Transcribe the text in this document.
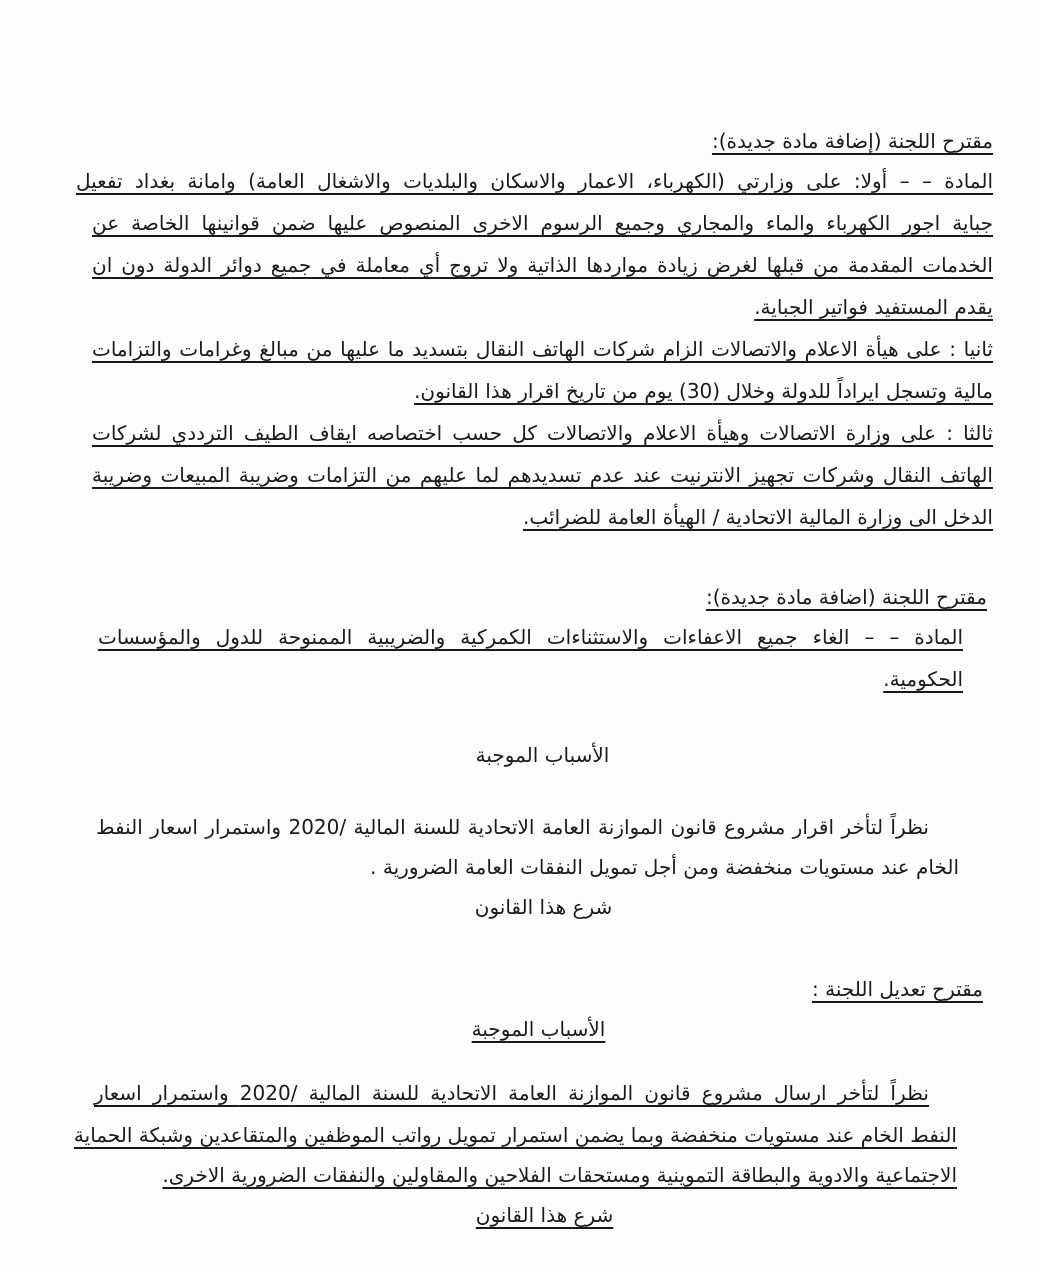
مقترح اللجنة (إضافة مادة جديدة):
المادة – – أولا: على وزارتي (الكهرباء، الاعمار والاسكان والبلديات والاشغال العامة) وامانة بغداد تفعيل
جباية اجور الكهرباء والماء والمجاري وجميع الرسوم الاخرى المنصوص عليها ضمن قوانينها الخاصة عن
الخدمات المقدمة من قبلها لغرض زيادة مواردها الذاتية ولا تروج أي معاملة في جميع دوائر الدولة دون ان
يقدم المستفيد فواتير الجباية.
ثانيا : على هيأة الاعلام والاتصالات الزام شركات الهاتف النقال بتسديد ما عليها من مبالغ وغرامات والتزامات
مالية وتسجل ايراداً للدولة وخلال (30) يوم من تاريخ اقرار هذا القانون.
ثالثا : على وزارة الاتصالات وهيأة الاعلام والاتصالات كل حسب اختصاصه ايقاف الطيف الترددي لشركات
الهاتف النقال وشركات تجهيز الانترنيت عند عدم تسديدهم لما عليهم من التزامات وضريبة المبيعات وضريبة
الدخل الى وزارة المالية الاتحادية / الهيأة العامة للضرائب.
مقترح اللجنة (اضافة مادة جديدة):
المادة – – الغاء جميع الاعفاءات والاستثناءات الكمركية والضريبية الممنوحة للدول والمؤسسات
الحكومية.
الأسباب الموجبة
نظراً لتأخر اقرار مشروع قانون الموازنة العامة الاتحادية للسنة المالية /2020 واستمرار اسعار النفط
الخام عند مستويات منخفضة ومن أجل تمويل النفقات العامة الضرورية .
شرع هذا القانون
مقترح تعديل اللجنة :
الأسباب الموجبة
نظراً لتأخر ارسال مشروع قانون الموازنة العامة الاتحادية للسنة المالية /2020 واستمرار اسعار
النفط الخام عند مستويات منخفضة وبما يضمن استمرار تمويل رواتب الموظفين والمتقاعدين وشبكة الحماية
الاجتماعية والادوية والبطاقة التموينية ومستحقات الفلاحين والمقاولين والنفقات الضرورية الاخرى.
شرع هذا القانون
